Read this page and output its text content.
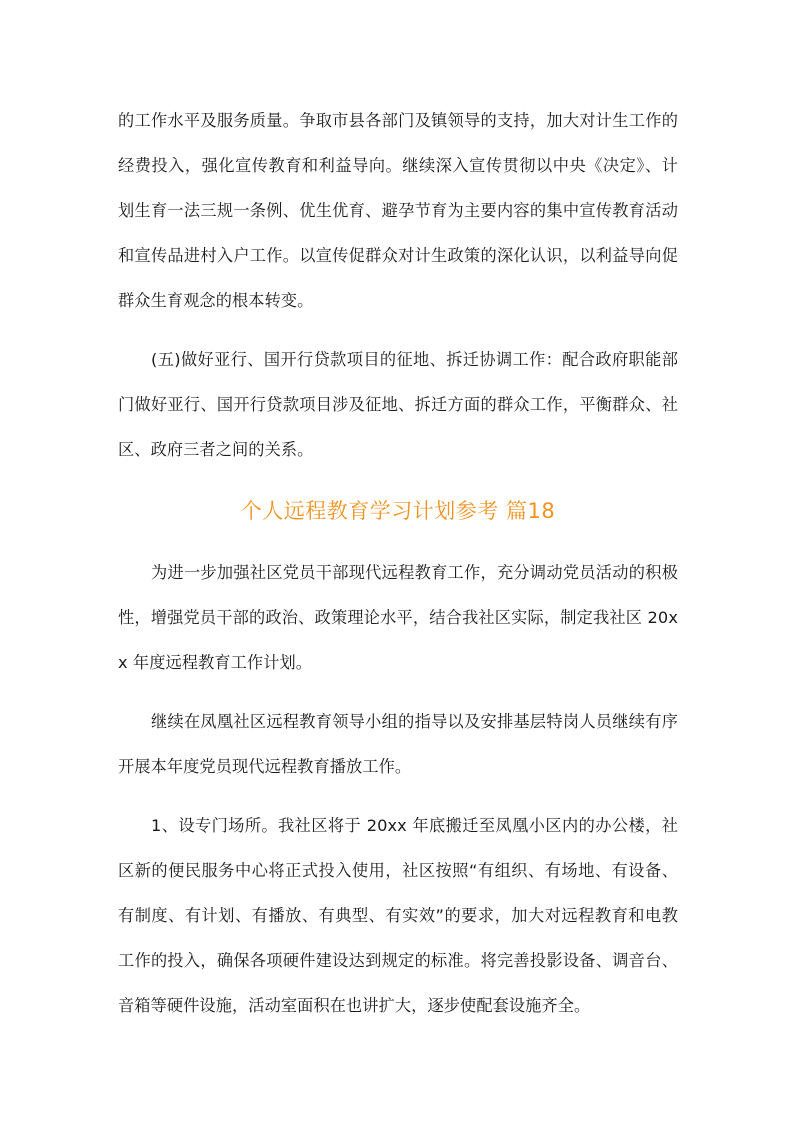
的工作水平及服务质量。争取市县各部门及镇领导的支持，加大对计生工作的经费投入，强化宣传教育和利益导向。继续深入宣传贯彻以中央《决定》、计划生育一法三规一条例、优生优育、避孕节育为主要内容的集中宣传教育活动和宣传品进村入户工作。以宣传促群众对计生政策的深化认识，以利益导向促群众生育观念的根本转变。

(五)做好亚行、国开行贷款项目的征地、拆迁协调工作：配合政府职能部门做好亚行、国开行贷款项目涉及征地、拆迁方面的群众工作，平衡群众、社区、政府三者之间的关系。

个人远程教育学习计划参考 篇18

为进一步加强社区党员干部现代远程教育工作，充分调动党员活动的积极性，增强党员干部的政治、政策理论水平，结合我社区实际，制定我社区 20xx 年度远程教育工作计划。

继续在凤凰社区远程教育领导小组的指导以及安排基层特岗人员继续有序开展本年度党员现代远程教育播放工作。

1、设专门场所。我社区将于 20xx 年底搬迁至凤凰小区内的办公楼，社区新的便民服务中心将正式投入使用，社区按照“有组织、有场地、有设备、有制度、有计划、有播放、有典型、有实效”的要求，加大对远程教育和电教工作的投入，确保各项硬件建设达到规定的标准。将完善投影设备、调音台、音箱等硬件设施，活动室面积在也讲扩大，逐步使配套设施齐全。
